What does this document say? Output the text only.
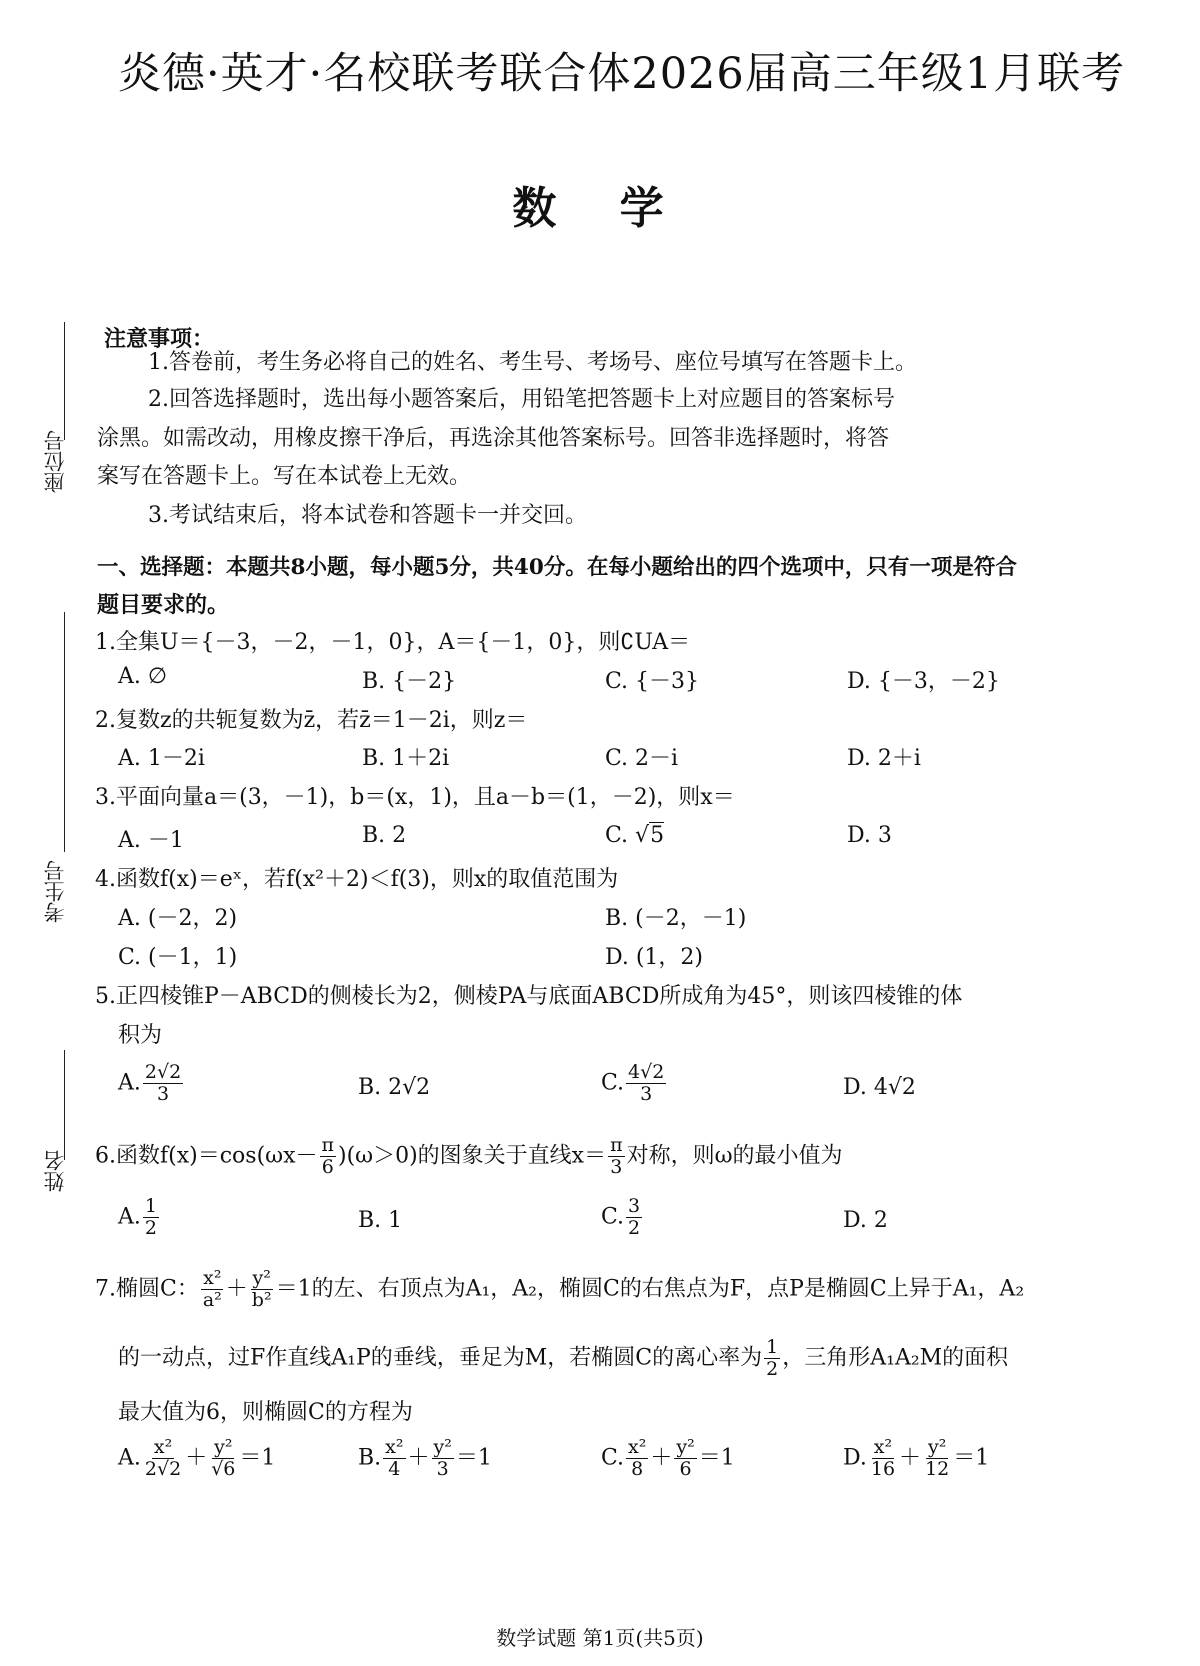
炎德·英才·名校联考联合体2026届高三年级1月联考
数 学
座位号
考生号
姓名
注意事项：
1.答卷前，考生务必将自己的姓名、考生号、考场号、座位号填写在答题卡上。
2.回答选择题时，选出每小题答案后，用铅笔把答题卡上对应题目的答案标号
涂黑。如需改动，用橡皮擦干净后，再选涂其他答案标号。回答非选择题时，将答
案写在答题卡上。写在本试卷上无效。
3.考试结束后，将本试卷和答题卡一并交回。
一、选择题：本题共8小题，每小题5分，共40分。在每小题给出的四个选项中，只有一项是符合
题目要求的。
1.全集U＝{－3，－2，－1，0}，A＝{－1，0}，则∁UA＝
A. ∅	B. {－2}	C. {－3}	D. {－3，－2}
2.复数z的共轭复数为z̄，若z̄＝1－2i，则z＝
A. 1－2i	B. 1＋2i	C. 2－i	D. 2＋i
3.平面向量a＝(3，－1)，b＝(x，1)，且a－b＝(1，－2)，则x＝
A. －1	B. 2	C. √5	D. 3
4.函数f(x)＝eˣ，若f(x²＋2)＜f(3)，则x的取值范围为
A. (－2，2)	B. (－2，－1)
C. (－1，1)	D. (1，2)
5.正四棱锥P－ABCD的侧棱长为2，侧棱PA与底面ABCD所成角为45°，则该四棱锥的体
积为
A. $\frac{2√2}{3}$	B. 2√2	C. $\frac{4√2}{3}$	D. 4√2
6.函数$f(x)=\cos(\omega x- \frac{\pi}{6} )(\omega>0)$的图象关于直线$x= \frac{\pi}{3}$ 对称，则ω的最小值为
A. $\frac{1}{2}$	B. 1	C. $\frac{3}{2}$	D. 2
7.椭圆C： $\frac{\text{x²}}{\text{a²}} + \frac{\text{y²}}{\text{b²}} =1$的左、右顶点为A₁，A₂，椭圆C的右焦点为F，点P是椭圆C上异于A₁，A₂
的一动点，过F作直线A₁P的垂线，垂足为M，若椭圆C的离心率为 $\frac{1}{2}$ ，三角形A₁A₂M的面积
最大值为6，则椭圆C的方程为
A. $\frac{\text{x²}}{2√2} + \frac{\text{y²}}{√6} =1$	B. $\frac{\text{x²}}{4} + \frac{\text{y²}}{3} =1$	C. $\frac{\text{x²}}{8} + \frac{\text{y²}}{6} =1$	D. $\frac{\text{x²}}{16} + \frac{\text{y²}}{12} =1$
数学试题 第1页(共5页)
